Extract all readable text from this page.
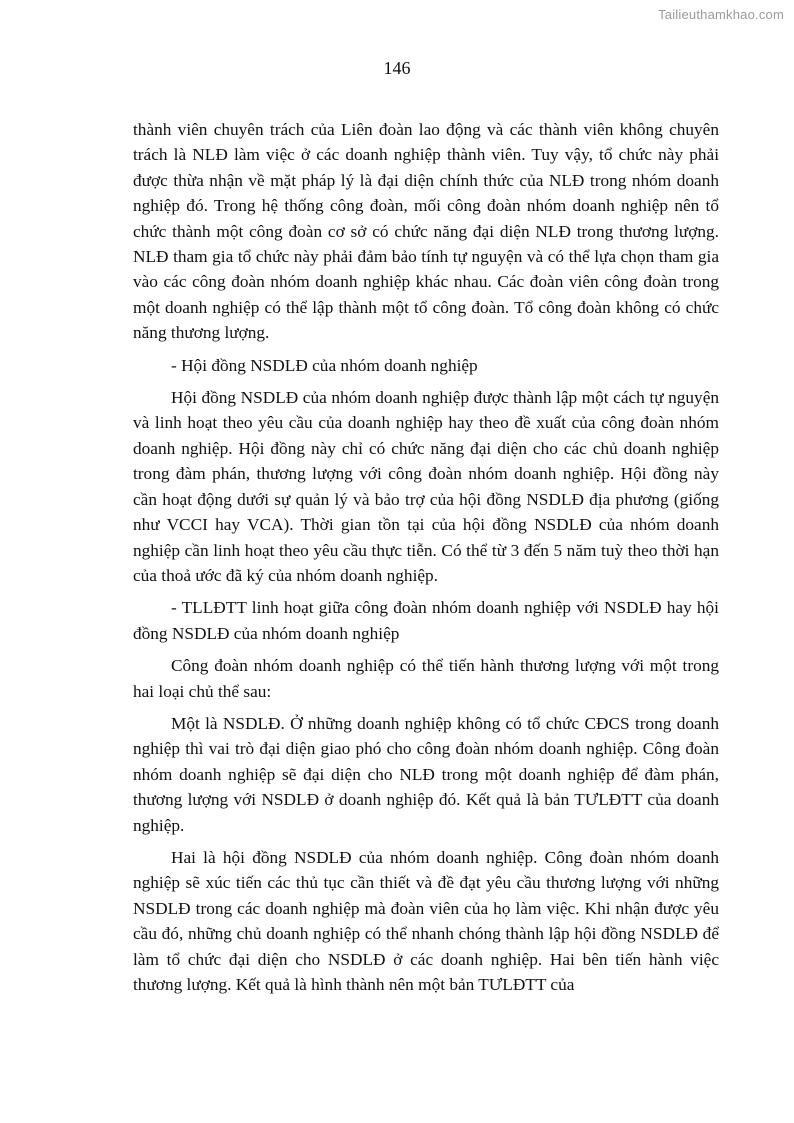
Tailieuthamkhao.com
146

thành viên chuyên trách của Liên đoàn lao động và các thành viên không chuyên trách là NLĐ làm việc ở các doanh nghiệp thành viên. Tuy vậy, tổ chức này phải được thừa nhận về mặt pháp lý là đại diện chính thức của NLĐ trong nhóm doanh nghiệp đó. Trong hệ thống công đoàn, mối công đoàn nhóm doanh nghiệp nên tổ chức thành một công đoàn cơ sở có chức năng đại diện NLĐ trong thương lượng. NLĐ tham gia tổ chức này phải đảm bảo tính tự nguyện và có thể lựa chọn tham gia vào các công đoàn nhóm doanh nghiệp khác nhau. Các đoàn viên công đoàn trong một doanh nghiệp có thể lập thành một tổ công đoàn. Tổ công đoàn không có chức năng thương lượng.

- Hội đồng NSDLĐ của nhóm doanh nghiệp

Hội đồng NSDLĐ của nhóm doanh nghiệp được thành lập một cách tự nguyện và linh hoạt theo yêu cầu của doanh nghiệp hay theo đề xuất của công đoàn nhóm doanh nghiệp. Hội đồng này chỉ có chức năng đại diện cho các chủ doanh nghiệp trong đàm phán, thương lượng với công đoàn nhóm doanh nghiệp. Hội đồng này cần hoạt động dưới sự quản lý và bảo trợ của hội đồng NSDLĐ địa phương (giống như VCCI hay VCA). Thời gian tồn tại của hội đồng NSDLĐ của nhóm doanh nghiệp cần linh hoạt theo yêu cầu thực tiễn. Có thể từ 3 đến 5 năm tuỳ theo thời hạn của thoả ước đã ký của nhóm doanh nghiệp.

- TLLĐTT linh hoạt giữa công đoàn nhóm doanh nghiệp với NSDLĐ hay hội đồng NSDLĐ của nhóm doanh nghiệp

Công đoàn nhóm doanh nghiệp có thể tiến hành thương lượng với một trong hai loại chủ thể sau:

Một là NSDLĐ. Ở những doanh nghiệp không có tổ chức CĐCS trong doanh nghiệp thì vai trò đại diện giao phó cho công đoàn nhóm doanh nghiệp. Công đoàn nhóm doanh nghiệp sẽ đại diện cho NLĐ trong một doanh nghiệp để đàm phán, thương lượng với NSDLĐ ở doanh nghiệp đó. Kết quả là bản TƯLĐTT của doanh nghiệp.

Hai là hội đồng NSDLĐ của nhóm doanh nghiệp. Công đoàn nhóm doanh nghiệp sẽ xúc tiến các thủ tục cần thiết và đề đạt yêu cầu thương lượng với những NSDLĐ trong các doanh nghiệp mà đoàn viên của họ làm việc. Khi nhận được yêu cầu đó, những chủ doanh nghiệp có thể nhanh chóng thành lập hội đồng NSDLĐ để làm tổ chức đại diện cho NSDLĐ ở các doanh nghiệp. Hai bên tiến hành việc thương lượng. Kết quả là hình thành nên một bản TƯLĐTT của
